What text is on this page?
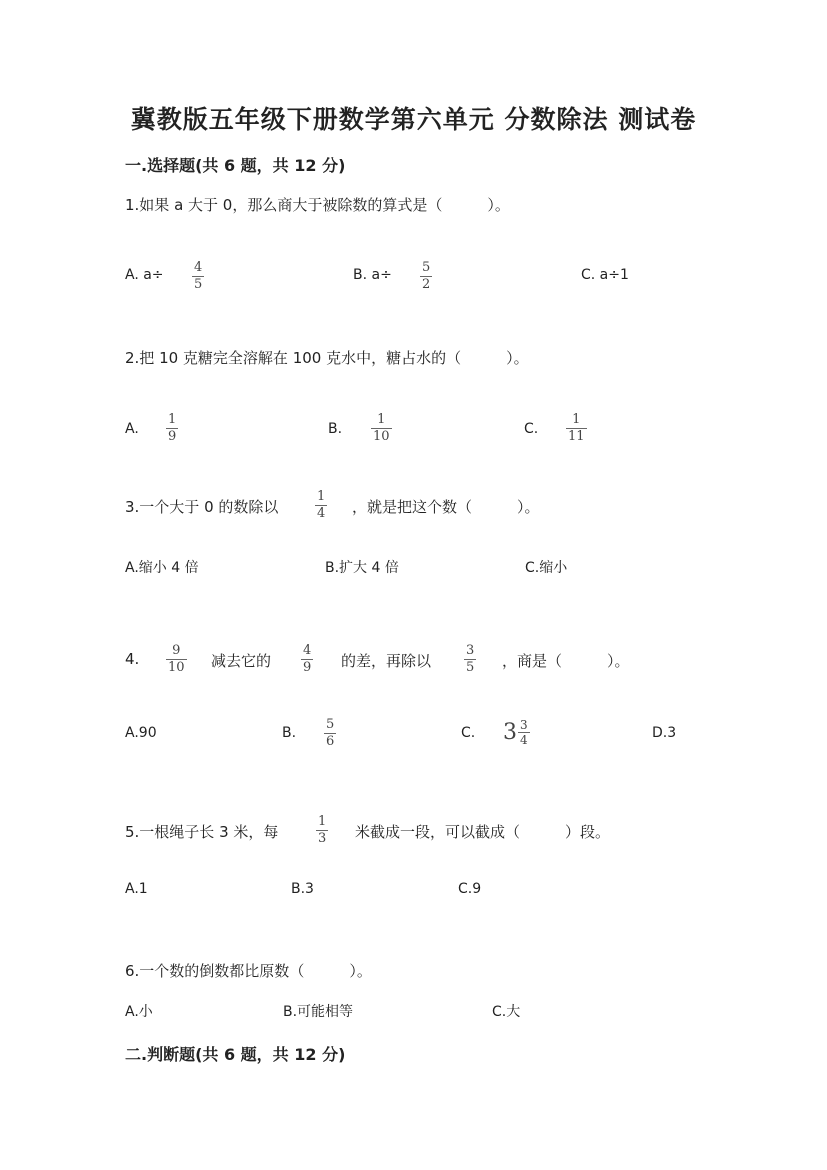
冀教版五年级下册数学第六单元 分数除法 测试卷
一.选择题(共 6 题，共 12 分)
1.如果 a 大于 0，那么商大于被除数的算式是（　　　）。
A. a÷ 4
5
B. a÷ 5
2
C. a÷1
2.把 10 克糖完全溶解在 100 克水中，糖占水的（　　　）。
A.
1
9	B.
1
10	C.
1
11
3.一个大于 0 的数除以
1
4 ，就是把这个数（　　　）。
A.缩小 4 倍	B.扩大 4 倍	C.缩小
4.	9
10 减去它的
4
9 的差，再除以
3
5 ，商是（　　　）。
A.90	B.
5
6
C. $3 \frac{3}{4}$	D.3
5.一根绳子长 3 米，每
1
3 米截成一段，可以截成（　　　）段。
A.1	B.3	C.9
6.一个数的倒数都比原数（　　　）。
A.小	B.可能相等	C.大
二.判断题(共 6 题，共 12 分)
